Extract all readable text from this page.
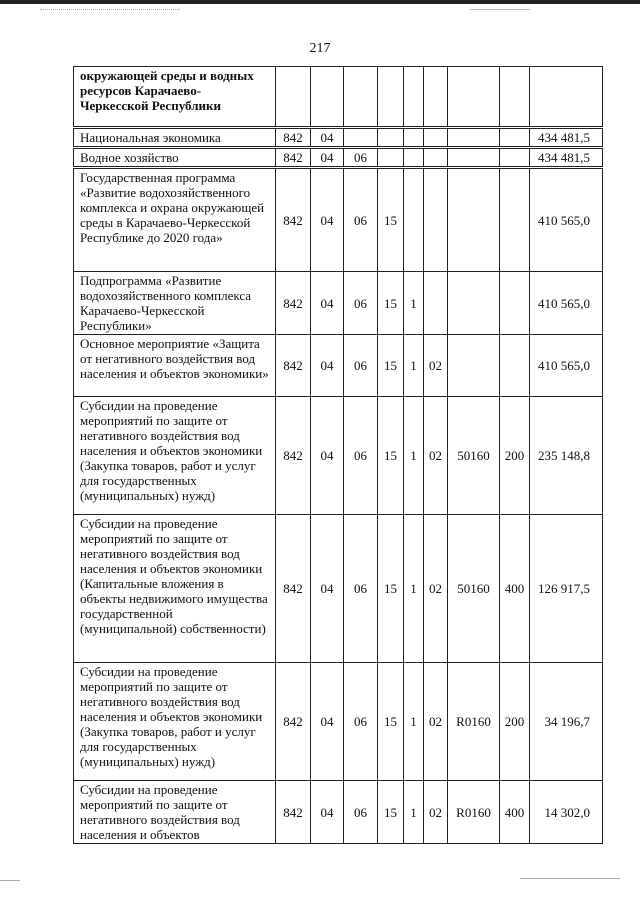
217
окружающей среды и водных ресурсов Карачаево-Черкесской Республики									
Национальная экономика	842	04							434 481,5
Водное хозяйство	842	04	06						434 481,5
Государственная программа «Развитие водохозяйственного комплекса и охрана окружающей среды в Карачаево-Черкесской Республике до 2020 года»	842	04	06	15					410 565,0
Подпрограмма «Развитие водохозяйственного комплекса Карачаево-Черкесской Республики»	842	04	06	15	1				410 565,0
Основное мероприятие «Защита от негативного воздействия вод населения и объектов экономики»	842	04	06	15	1	02			410 565,0
Субсидии на проведение мероприятий по защите от негативного воздействия вод населения и объектов экономики (Закупка товаров, работ и услуг для государственных (муниципальных) нужд)	842	04	06	15	1	02	50160	200	235 148,8
Субсидии на проведение мероприятий по защите от негативного воздействия вод населения и объектов экономики (Капитальные вложения в объекты недвижимого имущества государственной (муниципальной) собственности)	842	04	06	15	1	02	50160	400	126 917,5
Субсидии на проведение мероприятий по защите от негативного воздействия вод населения и объектов экономики (Закупка товаров, работ и услуг для государственных (муниципальных) нужд)	842	04	06	15	1	02	R0160	200	34 196,7
Субсидии на проведение мероприятий по защите от негативного воздействия вод населения и объектов	842	04	06	15	1	02	R0160	400	14 302,0
